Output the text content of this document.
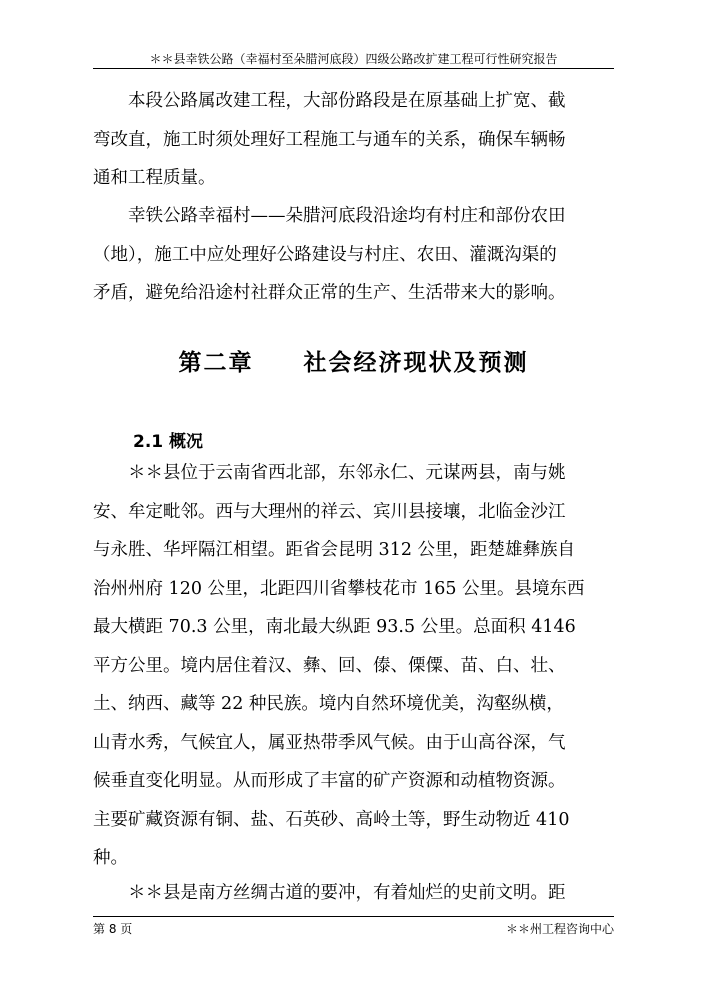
＊＊县幸铁公路（幸福村至朵腊河底段）四级公路改扩建工程可行性研究报告
　　本段公路属改建工程，大部份路段是在原基础上扩宽、截
弯改直，施工时须处理好工程施工与通车的关系，确保车辆畅
通和工程质量。
　　幸铁公路幸福村——朵腊河底段沿途均有村庄和部份农田
（地），施工中应处理好公路建设与村庄、农田、灌溉沟渠的
矛盾，避免给沿途村社群众正常的生产、生活带来大的影响。
第二章　　社会经济现状及预测
2.1 概况
　　＊＊县位于云南省西北部，东邻永仁、元谋两县，南与姚
安、牟定毗邻。西与大理州的祥云、宾川县接壤，北临金沙江
与永胜、华坪隔江相望。距省会昆明 312 公里，距楚雄彝族自
治州州府 120 公里，北距四川省攀枝花市 165 公里。县境东西
最大横距 70.3 公里，南北最大纵距 93.5 公里。总面积 4146
平方公里。境内居住着汉、彝、回、傣、傈僳、苗、白、壮、
土、纳西、藏等 22 种民族。境内自然环境优美，沟壑纵横，
山青水秀，气候宜人，属亚热带季风气候。由于山高谷深，气
候垂直变化明显。从而形成了丰富的矿产资源和动植物资源。
主要矿藏资源有铜、盐、石英砂、高岭土等，野生动物近 410
种。
　　＊＊县是南方丝绸古道的要冲，有着灿烂的史前文明。距
第 8 页	＊＊州工程咨询中心
